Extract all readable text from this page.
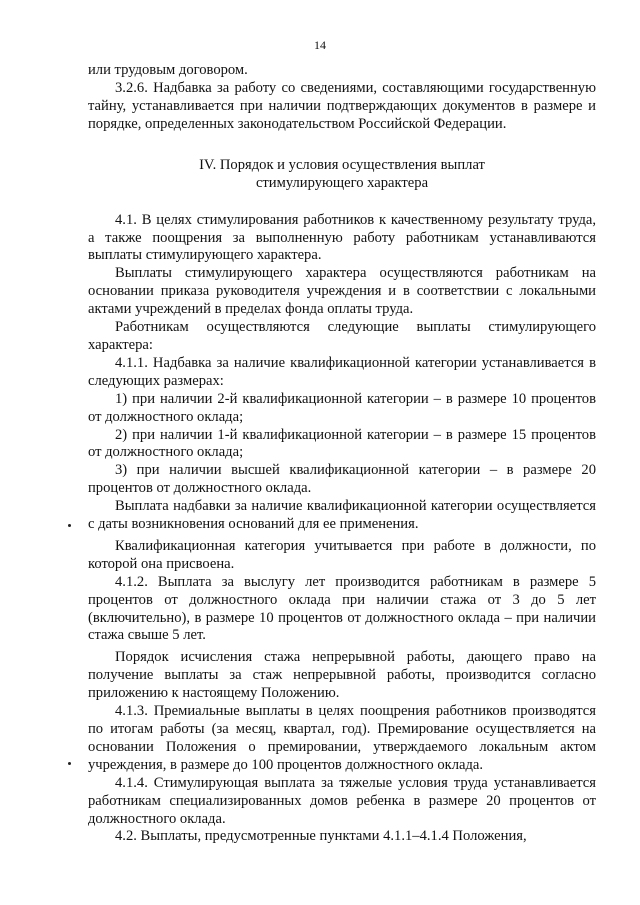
14

или трудовым договором.

3.2.6. Надбавка за работу со сведениями, составляющими государственную тайну, устанавливается при наличии подтверждающих документов в размере и порядке, определенных законодательством Российской Федерации.

IV. Порядок и условия осуществления выплат
стимулирующего характера

4.1. В целях стимулирования работников к качественному результату труда, а также поощрения за выполненную работу работникам устанавливаются выплаты стимулирующего характера.

Выплаты стимулирующего характера осуществляются работникам на основании приказа руководителя учреждения и в соответствии с локальными актами учреждений в пределах фонда оплаты труда.

Работникам осуществляются следующие выплаты стимулирующего характера:

4.1.1. Надбавка за наличие квалификационной категории устанавливается в следующих размерах:

1) при наличии 2-й квалификационной категории – в размере 10 процентов от должностного оклада;

2) при наличии 1-й квалификационной категории – в размере 15 процентов от должностного оклада;

3) при наличии высшей квалификационной категории – в размере 20 процентов от должностного оклада.

Выплата надбавки за наличие квалификационной категории осуществляется с даты возникновения оснований для ее применения.

Квалификационная категория учитывается при работе в должности, по которой она присвоена.

4.1.2. Выплата за выслугу лет производится работникам в размере 5 процентов от должностного оклада при наличии стажа от 3 до 5 лет (включительно), в размере 10 процентов от должностного оклада – при наличии стажа свыше 5 лет.

Порядок исчисления стажа непрерывной работы, дающего право на получение выплаты за стаж непрерывной работы, производится согласно приложению к настоящему Положению.

4.1.3. Премиальные выплаты в целях поощрения работников производятся по итогам работы (за месяц, квартал, год). Премирование осуществляется на основании Положения о премировании, утверждаемого локальным актом учреждения, в размере до 100 процентов должностного оклада.

4.1.4. Стимулирующая выплата за тяжелые условия труда устанавливается работникам специализированных домов ребенка в размере 20 процентов от должностного оклада.

4.2. Выплаты, предусмотренные пунктами 4.1.1–4.1.4 Положения,
